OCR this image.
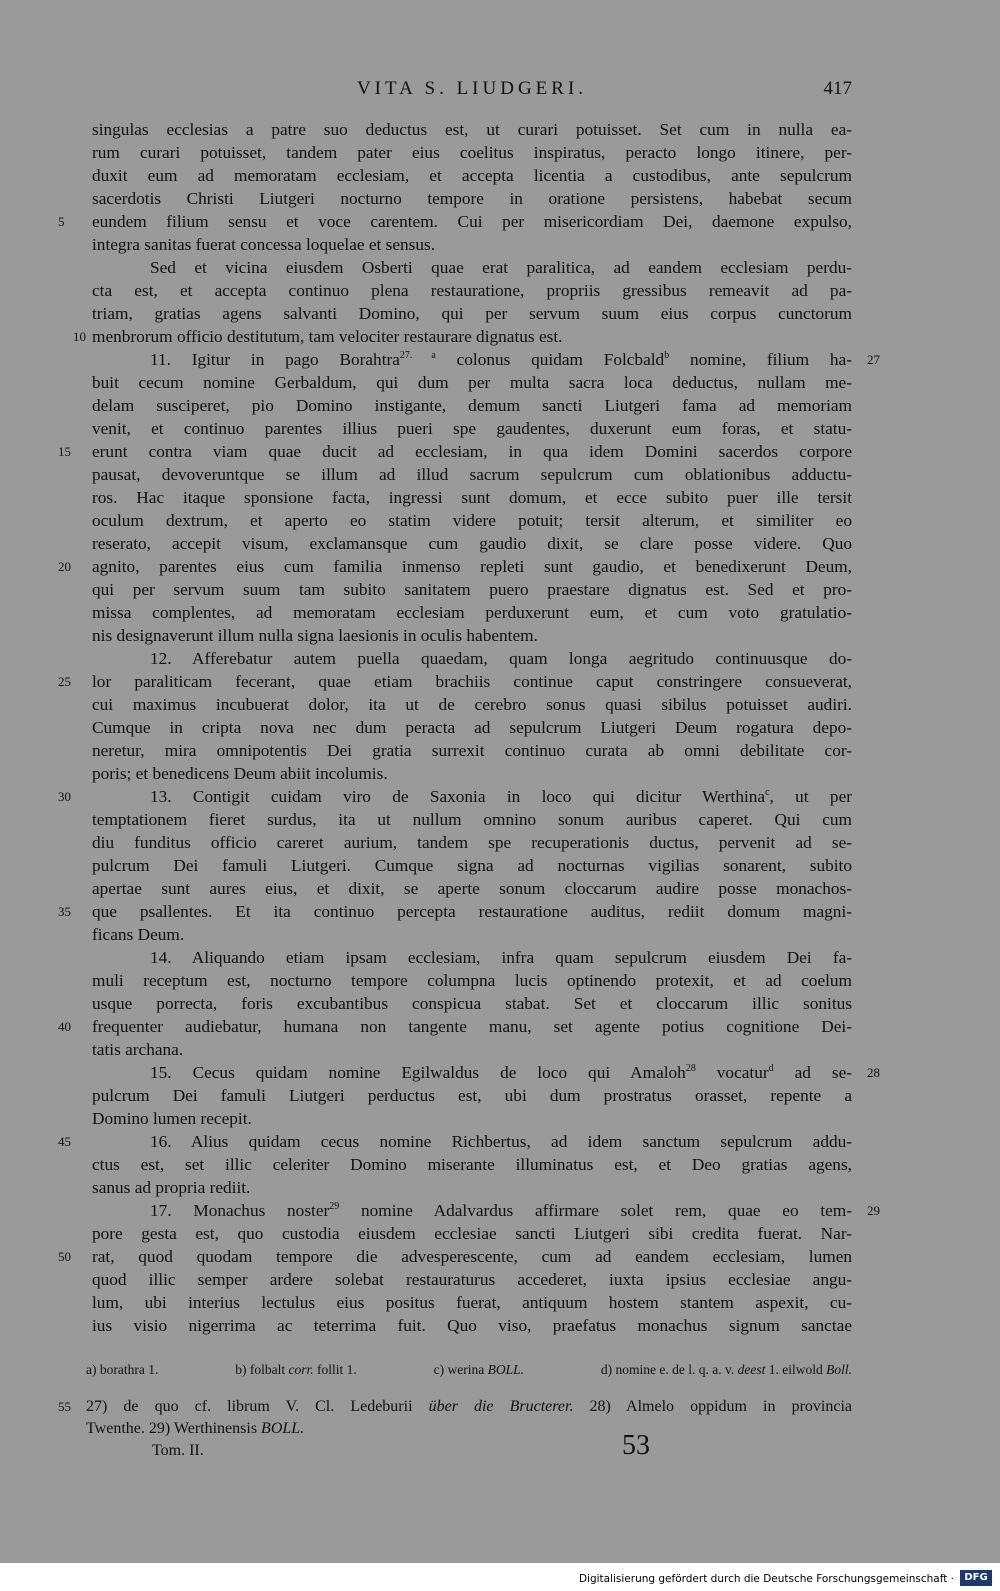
VITA S. LIUDGERI.	417
singulas ecclesias a patre suo deductus est, ut curari potuisset. Set cum in nulla ea-
rum curari potuisset, tandem pater eius coelitus inspiratus, peracto longo itinere, per-
duxit eum ad memoratam ecclesiam, et accepta licentia a custodibus, ante sepulcrum
sacerdotis Christi Liutgeri nocturno tempore in oratione persistens, habebat secum
5	eundem filium sensu et voce carentem. Cui per misericordiam Dei, daemone expulso,
integra sanitas fuerat concessa loquelae et sensus.
Sed et vicina eiusdem Osberti quae erat paralitica, ad eandem ecclesiam perdu-
cta est, et accepta continuo plena restauratione, propriis gressibus remeavit ad pa-
triam, gratias agens salvanti Domino, qui per servum suum eius corpus cunctorum
10 menbrorum officio destitutum, tam velociter restaurare dignatus est.
11. Igitur in pago Borahtra$^{27. a}$ colonus quidam Folcbald$^b$ nomine, filium ha- 27
buit cecum nomine Gerbaldum, qui dum per multa sacra loca deductus, nullam me-
delam susciperet, pio Domino instigante, demum sancti Liutgeri fama ad memoriam
venit, et continuo parentes illius pueri spe gaudentes, duxerunt eum foras, et statu-
15	erunt contra viam quae ducit ad ecclesiam, in qua idem Domini sacerdos corpore
pausat, devoveruntque se illum ad illud sacrum sepulcrum cum oblationibus adductu-
ros. Hac itaque sponsione facta, ingressi sunt domum, et ecce subito puer ille tersit
oculum dextrum, et aperto eo statim videre potuit; tersit alterum, et similiter eo
reserato, accepit visum, exclamansque cum gaudio dixit, se clare posse videre. Quo
20	agnito, parentes eius cum familia inmenso repleti sunt gaudio, et benedixerunt Deum,
qui per servum suum tam subito sanitatem puero praestare dignatus est. Sed et pro-
missa complentes, ad memoratam ecclesiam perduxerunt eum, et cum voto gratulatio-
nis designaverunt illum nulla signa laesionis in oculis habentem.
12. Afferebatur autem puella quaedam, quam longa aegritudo continuusque do-
25	lor paraliticam fecerant, quae etiam brachiis continue caput constringere consueverat,
cui maximus incubuerat dolor, ita ut de cerebro sonus quasi sibilus potuisset audiri.
Cumque in cripta nova nec dum peracta ad sepulcrum Liutgeri Deum rogatura depo-
neretur, mira omnipotentis Dei gratia surrexit continuo curata ab omni debilitate cor-
poris; et benedicens Deum abiit incolumis.
30	13. Contigit cuidam viro de Saxonia in loco qui dicitur Werthina$^c$, ut per
temptationem fieret surdus, ita ut nullum omnino sonum auribus caperet. Qui cum
diu funditus officio careret aurium, tandem spe recuperationis ductus, pervenit ad se-
pulcrum Dei famuli Liutgeri. Cumque signa ad nocturnas vigilias sonarent, subito
apertae sunt aures eius, et dixit, se aperte sonum cloccarum audire posse monachos-
35	que psallentes. Et ita continuo percepta restauratione auditus, rediit domum magni-
ficans Deum.
14. Aliquando etiam ipsam ecclesiam, infra quam sepulcrum eiusdem Dei fa-
muli receptum est, nocturno tempore columpna lucis optinendo protexit, et ad coelum
usque porrecta, foris excubantibus conspicua stabat. Set et cloccarum illic sonitus
40	frequenter audiebatur, humana non tangente manu, set agente potius cognitione Dei-
tatis archana.
15. Cecus quidam nomine Egilwaldus de loco qui Amaloh$^{28}$ vocatur$^d$ ad se- 28
pulcrum Dei famuli Liutgeri perductus est, ubi dum prostratus orasset, repente a
Domino lumen recepit.
45	16. Alius quidam cecus nomine Richbertus, ad idem sanctum sepulcrum addu-
ctus est, set illic celeriter Domino miserante illuminatus est, et Deo gratias agens,
sanus ad propria rediit.
17. Monachus noster$^{29}$ nomine Adalvardus affirmare solet rem, quae eo tem- 29
pore gesta est, quo custodia eiusdem ecclesiae sancti Liutgeri sibi credita fuerat. Nar-
50	rat, quod quodam tempore die advesperescente, cum ad eandem ecclesiam, lumen
quod illic semper ardere solebat restauraturus accederet, iuxta ipsius ecclesiae angu-
lum, ubi interius lectulus eius positus fuerat, antiquum hostem stantem aspexit, cu-
ius visio nigerrima ac teterrima fuit. Quo viso, praefatus monachus signum sanctae
a) borathra 1.	b) folbalt corr. follit 1.	c) werina BOLL.	d) nomine e. de l. q. a. v. deest 1. eilwold Boll.
55 27) de quo cf. librum V. Cl. Ledeburii über die Bructerer. 28) Almelo oppidum in provincia
Twenthe. 29) Werthinensis BOLL.
Tom. II.	53
Digitalisierung gefördert durch die Deutsche Forschungsgemeinschaft ·	DFG
